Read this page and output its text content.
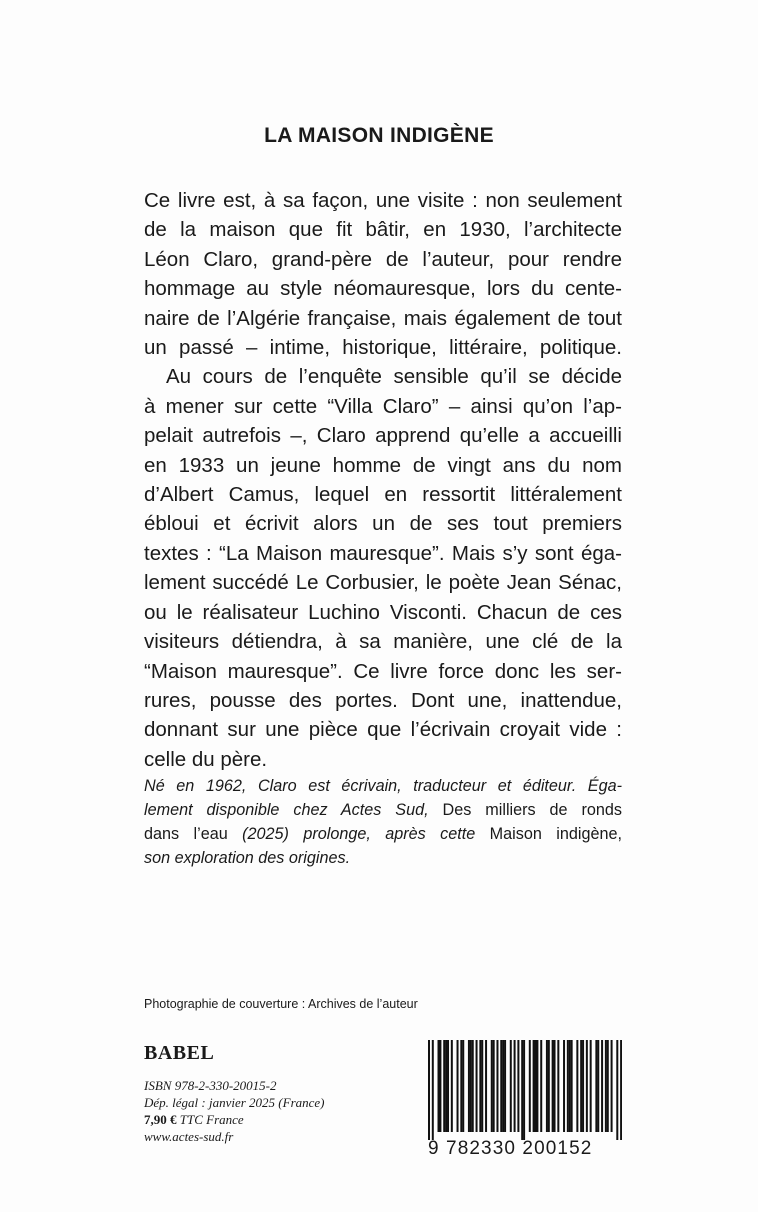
LA MAISON INDIGÈNE
Ce livre est, à sa façon, une visite : non seulement
de la maison que fit bâtir, en 1930, l’architecte
Léon Claro, grand-père de l’auteur, pour rendre
hommage au style néomauresque, lors du cente-
naire de l’Algérie française, mais également de tout
un passé – intime, historique, littéraire, politique.
Au cours de l’enquête sensible qu’il se décide
à mener sur cette “Villa Claro” – ainsi qu’on l’ap-
pelait autrefois –, Claro apprend qu’elle a accueilli
en 1933 un jeune homme de vingt ans du nom
d’Albert Camus, lequel en ressortit littéralement
ébloui et écrivit alors un de ses tout premiers
textes : “La Maison mauresque”. Mais s’y sont éga-
lement succédé Le Corbusier, le poète Jean Sénac,
ou le réalisateur Luchino Visconti. Chacun de ces
visiteurs détiendra, à sa manière, une clé de la
“Maison mauresque”. Ce livre force donc les ser-
rures, pousse des portes. Dont une, inattendue,
donnant sur une pièce que l’écrivain croyait vide :
celle du père.
Né en 1962, Claro est écrivain, traducteur et éditeur. Éga-
lement disponible chez Actes Sud, Des milliers de ronds
dans l’eau (2025) prolonge, après cette Maison indigène,
son exploration des origines.
Photographie de couverture : Archives de l’auteur
BABEL
ISBN 978-2-330-20015-2
Dép. légal : janvier 2025 (France)
7,90 € TTC France
www.actes-sud.fr
9 782330 200152
